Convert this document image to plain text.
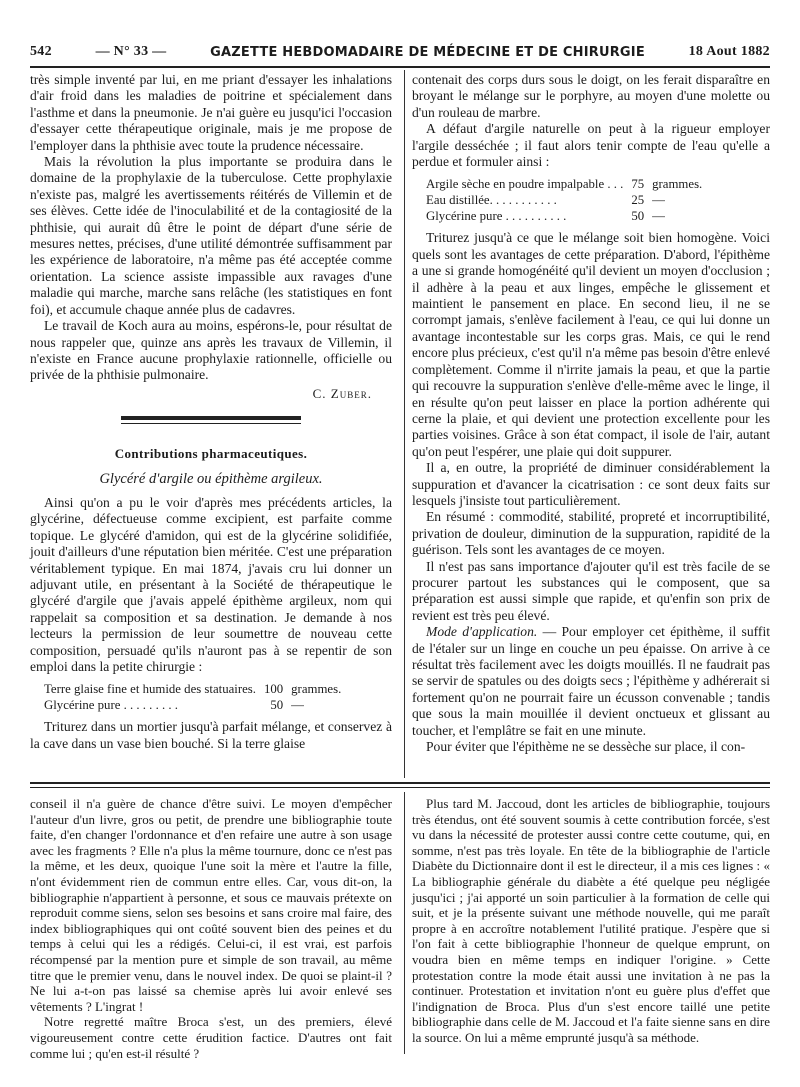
542	— N° 33 —	GAZETTE HEBDOMADAIRE DE MÉDECINE ET DE CHIRURGIE	18 Aout 1882

très simple inventé par lui, en me priant d'essayer les inhalations d'air froid dans les maladies de poitrine et spécialement dans l'asthme et dans la pneumonie. Je n'ai guère eu jusqu'ici l'occasion d'essayer cette thérapeutique originale, mais je me propose de l'employer dans la phthisie avec toute la prudence nécessaire.

Mais la révolution la plus importante se produira dans le domaine de la prophylaxie de la tuberculose. Cette prophylaxie n'existe pas, malgré les avertissements réitérés de Villemin et de ses élèves. Cette idée de l'inoculabilité et de la contagiosité de la phthisie, qui aurait dû être le point de départ d'une série de mesures nettes, précises, d'une utilité démontrée suffisamment par les expérience de laboratoire, n'a même pas été acceptée comme orientation. La science assiste impassible aux ravages d'une maladie qui marche, marche sans relâche (les statistiques en font foi), et accumule chaque année plus de cadavres.

Le travail de Koch aura au moins, espérons-le, pour résultat de nous rappeler que, quinze ans après les travaux de Villemin, il n'existe en France aucune prophylaxie rationnelle, officielle ou privée de la phthisie pulmonaire.

C. Zuber.
Contributions pharmaceutiques.
Glycéré d'argile ou épithème argileux.

Ainsi qu'on a pu le voir d'après mes précédents articles, la glycérine, défectueuse comme excipient, est parfaite comme topique. Le glycéré d'amidon, qui est de la glycérine solidifiée, jouit d'ailleurs d'une réputation bien méritée. C'est une préparation véritablement typique. En mai 1874, j'avais cru lui donner un adjuvant utile, en présentant à la Société de thérapeutique le glycéré d'argile que j'avais appelé épithème argileux, nom qui rappelait sa composition et sa destination. Je demande à nos lecteurs la permission de leur soumettre de nouveau cette composition, persuadé qu'ils n'auront pas à se repentir de son emploi dans la petite chirurgie :

Terre glaise fine et humide des statuaires.	100	grammes.
Glycérine pure . . . . . . . . .	50	—

Triturez dans un mortier jusqu'à parfait mélange, et conservez à la cave dans un vase bien bouché. Si la terre glaise

contenait des corps durs sous le doigt, on les ferait disparaître en broyant le mélange sur le porphyre, au moyen d'une molette ou d'un rouleau de marbre.

A défaut d'argile naturelle on peut à la rigueur employer l'argile desséchée ; il faut alors tenir compte de l'eau qu'elle a perdue et formuler ainsi :

Argile sèche en poudre impalpable . . .	75	grammes.
Eau distillée. . . . . . . . . . .	25	—
Glycérine pure . . . . . . . . . .	50	—

Triturez jusqu'à ce que le mélange soit bien homogène. Voici quels sont les avantages de cette préparation. D'abord, l'épithème a une si grande homogénéité qu'il devient un moyen d'occlusion ; il adhère à la peau et aux linges, empêche le glissement et maintient le pansement en place. En second lieu, il ne se corrompt jamais, s'enlève facilement à l'eau, ce qui lui donne un avantage incontestable sur les corps gras. Mais, ce qui le rend encore plus précieux, c'est qu'il n'a même pas besoin d'être enlevé complètement. Comme il n'irrite jamais la peau, et que la partie qui recouvre la suppuration s'enlève d'elle-même avec le linge, il en résulte qu'on peut laisser en place la portion adhérente qui cerne la plaie, et qui devient une protection excellente pour les parties voisines. Grâce à son état compact, il isole de l'air, autant qu'on peut l'espérer, une plaie qui doit suppurer.

Il a, en outre, la propriété de diminuer considérablement la suppuration et d'avancer la cicatrisation : ce sont deux faits sur lesquels j'insiste tout particulièrement.

En résumé : commodité, stabilité, propreté et incorruptibilité, privation de douleur, diminution de la suppuration, rapidité de la guérison. Tels sont les avantages de ce moyen.

Il n'est pas sans importance d'ajouter qu'il est très facile de se procurer partout les substances qui le composent, que sa préparation est aussi simple que rapide, et qu'enfin son prix de revient est très peu élevé.

Mode d'application. — Pour employer cet épithème, il suffit de l'étaler sur un linge en couche un peu épaisse. On arrive à ce résultat très facilement avec les doigts mouillés. Il ne faudrait pas se servir de spatules ou des doigts secs ; l'épithème y adhérerait si fortement qu'on ne pourrait faire un écusson convenable ; tandis que sous la main mouillée il devient onctueux et glissant au toucher, et l'emplâtre se fait en une minute.

Pour éviter que l'épithème ne se dessèche sur place, il con-

conseil il n'a guère de chance d'être suivi. Le moyen d'empêcher l'auteur d'un livre, gros ou petit, de prendre une bibliographie toute faite, d'en changer l'ordonnance et d'en refaire une autre à son usage avec les fragments ? Elle n'a plus la même tournure, donc ce n'est pas la même, et les deux, quoique l'une soit la mère et l'autre la fille, n'ont évidemment rien de commun entre elles. Car, vous dit-on, la bibliographie n'appartient à personne, et sous ce mauvais prétexte on reproduit comme siens, selon ses besoins et sans croire mal faire, des index bibliographiques qui ont coûté souvent bien des peines et du temps à celui qui les a rédigés. Celui-ci, il est vrai, est parfois récompensé par la mention pure et simple de son travail, au même titre que le premier venu, dans le nouvel index. De quoi se plaint-il ? Ne lui a-t-on pas laissé sa chemise après lui avoir enlevé ses vêtements ? L'ingrat !

Notre regretté maître Broca s'est, un des premiers, élevé vigoureusement contre cette érudition factice. D'autres ont fait comme lui ; qu'en est-il résulté ?

Plus tard M. Jaccoud, dont les articles de bibliographie, toujours très étendus, ont été souvent soumis à cette contribution forcée, s'est vu dans la nécessité de protester aussi contre cette coutume, qui, en somme, n'est pas très loyale. En tête de la bibliographie de l'article Diabète du Dictionnaire dont il est le directeur, il a mis ces lignes : « La bibliographie générale du diabète a été quelque peu négligée jusqu'ici ; j'ai apporté un soin particulier à la formation de celle qui suit, et je la présente suivant une méthode nouvelle, qui me paraît propre à en accroître notablement l'utilité pratique. J'espère que si l'on fait à cette bibliographie l'honneur de quelque emprunt, on voudra bien en même temps en indiquer l'origine. » Cette protestation contre la mode était aussi une invitation à ne pas la continuer. Protestation et invitation n'ont eu guère plus d'effet que l'indignation de Broca. Plus d'un s'est encore taillé une petite bibliographie dans celle de M. Jaccoud et l'a faite sienne sans en dire la source. On lui a même emprunté jusqu'à sa méthode.
